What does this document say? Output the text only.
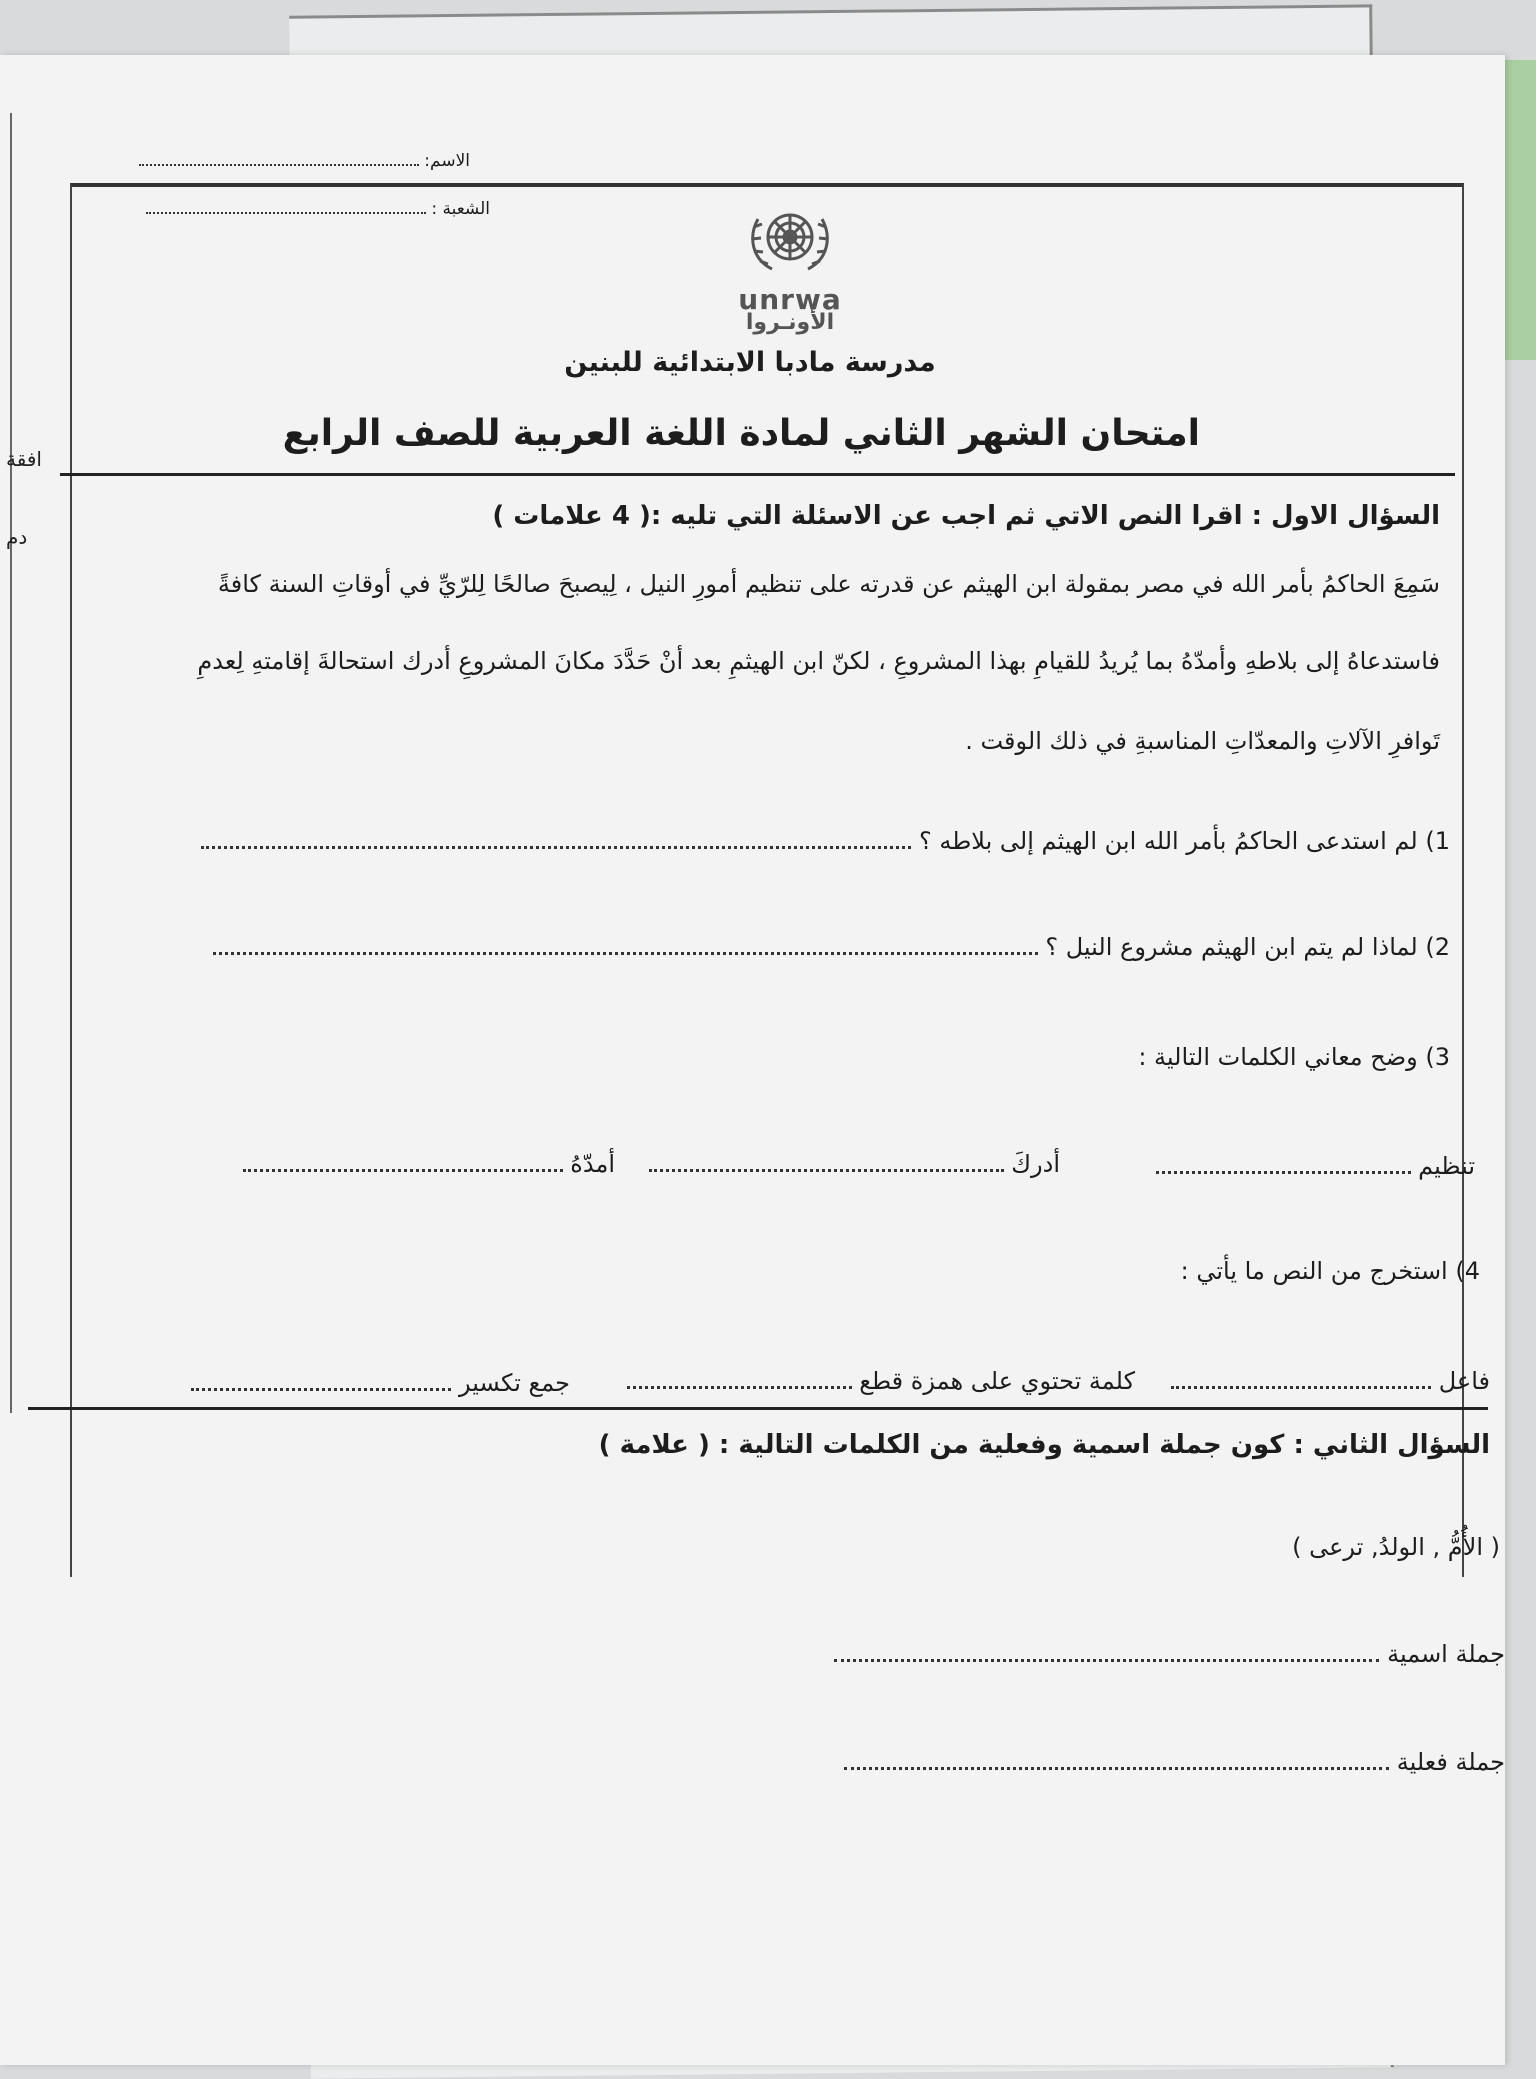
افقة
دم
الاسم:
الشعبة :
unrwa
الأونـروا
مدرسة مادبا الابتدائية للبنين
امتحان الشهر الثاني لمادة اللغة العربية للصف الرابع
السؤال الاول : اقرا النص الاتي ثم اجب عن الاسئلة التي تليه :( 4 علامات )
سَمِعَ الحاكمُ بأمر الله في مصر بمقولة ابن الهيثم عن قدرته على تنظيم أمورِ النيل ، لِيصبحَ صالحًا لِلرّيِّ في أوقاتِ السنة كافةً
فاستدعاهُ إلى بلاطهِ وأمدّهُ بما يُريدُ للقيامِ بهذا المشروعِ ، لكنّ ابن الهيثمِ بعد أنْ حَدَّدَ مكانَ المشروعِ أدرك استحالةَ إقامتهِ لِعدمِ
تَوافرِ الآلاتِ والمعدّاتِ المناسبةِ في ذلك الوقت .
1) لم استدعى الحاكمُ بأمر الله ابن الهيثم إلى بلاطه ؟
2) لماذا لم يتم ابن الهيثم مشروع النيل ؟
3) وضح معاني الكلمات التالية :
تنظيم
أدركَ
أمدّهُ
4) استخرج من النص ما يأتي :
فاعل
كلمة تحتوي على همزة قطع
جمع تكسير
السؤال الثاني : كون جملة اسمية وفعلية من الكلمات التالية : ( علامة )
( الأُمُّ , الولدُ, ترعى )
جملة اسمية
جملة فعلية
